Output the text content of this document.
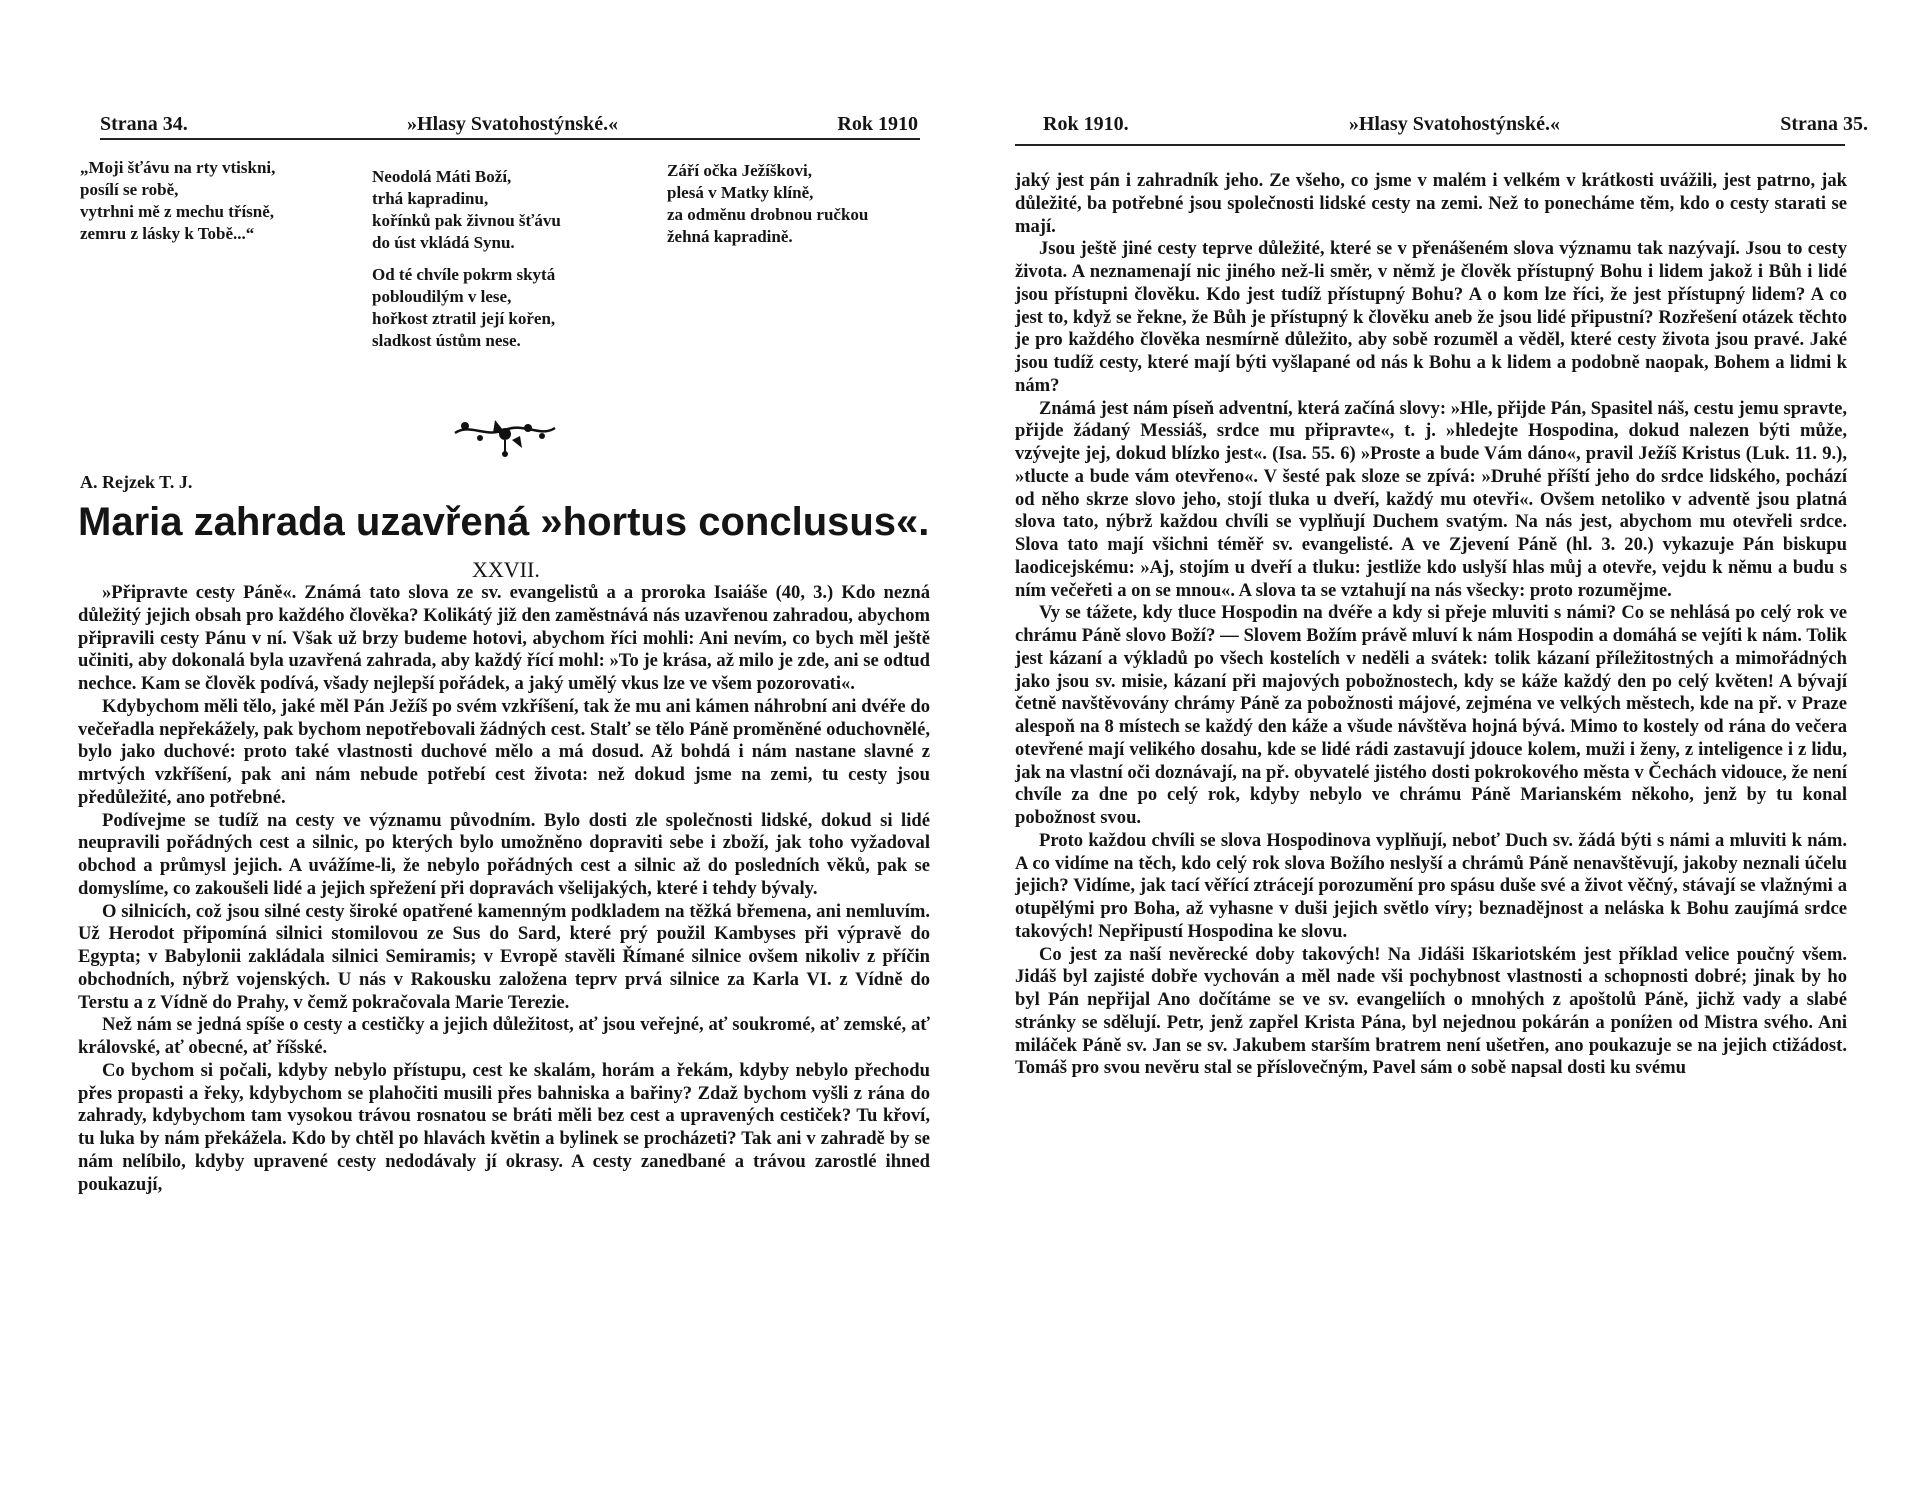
Strana 34.	»Hlasy Svatohostýnské.«	Rok 1910
„Moji šťávu na rty vtiskni,
posílí se robě,
vytrhni mě z mechu třísně,
zemru z lásky k Tobě...“
Neodolá Máti Boží,
trhá kapradinu,
kořínků pak živnou šťávu
do úst vkládá Synu.
Od té chvíle pokrm skytá
pobloudilým v lese,
hořkost ztratil její kořen,
sladkost ústům nese.
Září očka Ježíškovi,
plesá v Matky klíně,
za odměnu drobnou ručkou
žehná kapradině.
A. Rejzek T. J.
Maria zahrada uzavřená »hortus conclusus«.
XXVII.

»Připravte cesty Páně«. Známá tato slova ze sv. evangelistů a a proroka Isaiáše (40, 3.) Kdo nezná důležitý jejich obsah pro každého člověka? Kolikátý již den zaměstnává nás uzavřenou zahradou, abychom připravili cesty Pánu v ní. Však už brzy budeme hotovi, abychom říci mohli: Ani nevím, co bych měl ještě učiniti, aby dokonalá byla uzavřená zahrada, aby každý řící mohl: »To je krása, až milo je zde, ani se odtud nechce. Kam se člověk podívá, všady nejlepší pořádek, a jaký umělý vkus lze ve všem pozorovati«.

Kdybychom měli tělo, jaké měl Pán Ježíš po svém vzkříšení, tak že mu ani kámen náhrobní ani dvéře do večeřadla nepřekážely, pak bychom nepotřebovali žádných cest. Stalť se tělo Páně proměněné oduchovnělé, bylo jako duchové: proto také vlastnosti duchové mělo a má dosud. Až bohdá i nám nastane slavné z mrtvých vzkříšení, pak ani nám nebude potřebí cest života: než dokud jsme na zemi, tu cesty jsou předůležité, ano potřebné.

Podívejme se tudíž na cesty ve významu původním. Bylo dosti zle společnosti lidské, dokud si lidé neupravili pořádných cest a silnic, po kterých bylo umožněno dopraviti sebe i zboží, jak toho vyžadoval obchod a průmysl jejich. A uvážíme-li, že nebylo pořádných cest a silnic až do posledních věků, pak se domyslíme, co zakoušeli lidé a jejich spřežení při dopravách všelijakých, které i tehdy bývaly.

O silnicích, což jsou silné cesty široké opatřené kamenným podkladem na těžká břemena, ani nemluvím. Už Herodot připomíná silnici stomilovou ze Sus do Sard, které prý použil Kambyses při výpravě do Egypta; v Babylonii zakládala silnici Semiramis; v Evropě stavěli Římané silnice ovšem nikoliv z příčin obchodních, nýbrž vojenských. U nás v Rakousku založena teprv prvá silnice za Karla VI. z Vídně do Terstu a z Vídně do Prahy, v čemž pokračovala Marie Terezie.

Než nám se jedná spíše o cesty a cestičky a jejich důležitost, ať jsou veřejné, ať soukromé, ať zemské, ať královské, ať obecné, ať říšské.

Co bychom si počali, kdyby nebylo přístupu, cest ke skalám, horám a řekám, kdyby nebylo přechodu přes propasti a řeky, kdybychom se plahočiti musili přes bahniska a bařiny? Zdaž bychom vyšli z rána do zahrady, kdybychom tam vysokou trávou rosnatou se bráti měli bez cest a upravených cestiček? Tu křoví, tu luka by nám překážela. Kdo by chtěl po hlavách květin a bylinek se procházeti? Tak ani v zahradě by se nám nelíbilo, kdyby upravené cesty nedodávaly jí okrasy. A cesty zanedbané a trávou zarostlé ihned poukazují,

Rok 1910.	»Hlasy Svatohostýnské.«	Strana 35.

jaký jest pán i zahradník jeho. Ze všeho, co jsme v malém i velkém v krátkosti uvážili, jest patrno, jak důležité, ba potřebné jsou společnosti lidské cesty na zemi. Než to ponecháme těm, kdo o cesty starati se mají.

Jsou ještě jiné cesty teprve důležité, které se v přenášeném slova významu tak nazývají. Jsou to cesty života. A neznamenají nic jiného než-li směr, v němž je člověk přístupný Bohu i lidem jakož i Bůh i lidé jsou přístupni člověku. Kdo jest tudíž přístupný Bohu? A o kom lze říci, že jest přístupný lidem? A co jest to, když se řekne, že Bůh je přístupný k člověku aneb že jsou lidé připustní? Rozřešení otázek těchto je pro každého člověka nesmírně důležito, aby sobě rozuměl a věděl, které cesty života jsou pravé. Jaké jsou tudíž cesty, které mají býti vyšlapané od nás k Bohu a k lidem a podobně naopak, Bohem a lidmi k nám?

Známá jest nám píseň adventní, která začíná slovy: »Hle, přijde Pán, Spasitel náš, cestu jemu spravte, přijde žádaný Messiáš, srdce mu připravte«, t. j. »hledejte Hospodina, dokud nalezen býti může, vzývejte jej, dokud blízko jest«. (Isa. 55. 6) »Proste a bude Vám dáno«, pravil Ježíš Kristus (Luk. 11. 9.), »tlucte a bude vám otevřeno«. V šesté pak sloze se zpívá: »Druhé příští jeho do srdce lidského, pochází od něho skrze slovo jeho, stojí tluka u dveří, každý mu otevři«. Ovšem netoliko v adventě jsou platná slova tato, nýbrž každou chvíli se vyplňují Duchem svatým. Na nás jest, abychom mu otevřeli srdce. Slova tato mají všichni téměř sv. evangelisté. A ve Zjevení Páně (hl. 3. 20.) vykazuje Pán biskupu laodicejskému: »Aj, stojím u dveří a tluku: jestliže kdo uslyší hlas můj a otevře, vejdu k němu a budu s ním večeřeti a on se mnou«. A slova ta se vztahují na nás všecky: proto rozumějme.

Vy se tážete, kdy tluce Hospodin na dvéře a kdy si přeje mluviti s námi? Co se nehlásá po celý rok ve chrámu Páně slovo Boží? — Slovem Božím právě mluví k nám Hospodin a domáhá se vejíti k nám. Tolik jest kázaní a výkladů po všech kostelích v neděli a svátek: tolik kázaní příležitostných a mimořádných jako jsou sv. misie, kázaní při majových pobožnostech, kdy se káže každý den po celý květen! A bývají četně navštěvovány chrámy Páně za pobožnosti májové, zejména ve velkých městech, kde na př. v Praze alespoň na 8 místech se každý den káže a všude návštěva hojná bývá. Mimo to kostely od rána do večera otevřené mají velikého dosahu, kde se lidé rádi zastavují jdouce kolem, muži i ženy, z inteligence i z lidu, jak na vlastní oči doznávají, na př. obyvatelé jistého dosti pokrokového města v Čechách vidouce, že není chvíle za dne po celý rok, kdyby nebylo ve chrámu Páně Marianském někoho, jenž by tu konal pobožnost svou.

Proto každou chvíli se slova Hospodinova vyplňují, neboť Duch sv. žádá býti s námi a mluviti k nám. A co vidíme na těch, kdo celý rok slova Božího neslyší a chrámů Páně nenavštěvují, jakoby neznali účelu jejich? Vidíme, jak tací věřící ztrácejí porozumění pro spásu duše své a život věčný, stávají se vlažnými a otupělými pro Boha, až vyhasne v duši jejich světlo víry; beznadějnost a neláska k Bohu zaujímá srdce takových! Nepřipustí Hospodina ke slovu.

Co jest za naší nevěrecké doby takových! Na Jidáši Iškariotském jest příklad velice poučný všem. Jidáš byl zajisté dobře vychován a měl nade vši pochybnost vlastnosti a schopnosti dobré; jinak by ho byl Pán nepřijal Ano dočítáme se ve sv. evangeliích o mnohých z apoštolů Páně, jichž vady a slabé stránky se sdělují. Petr, jenž zapřel Krista Pána, byl nejednou pokárán a poníżen od Mistra svého. Ani miláček Páně sv. Jan se sv. Jakubem starším bratrem není ušetřen, ano poukazuje se na jejich ctižádost. Tomáš pro svou nevěru stal se příslovečným, Pavel sám o sobě napsal dosti ku svému
